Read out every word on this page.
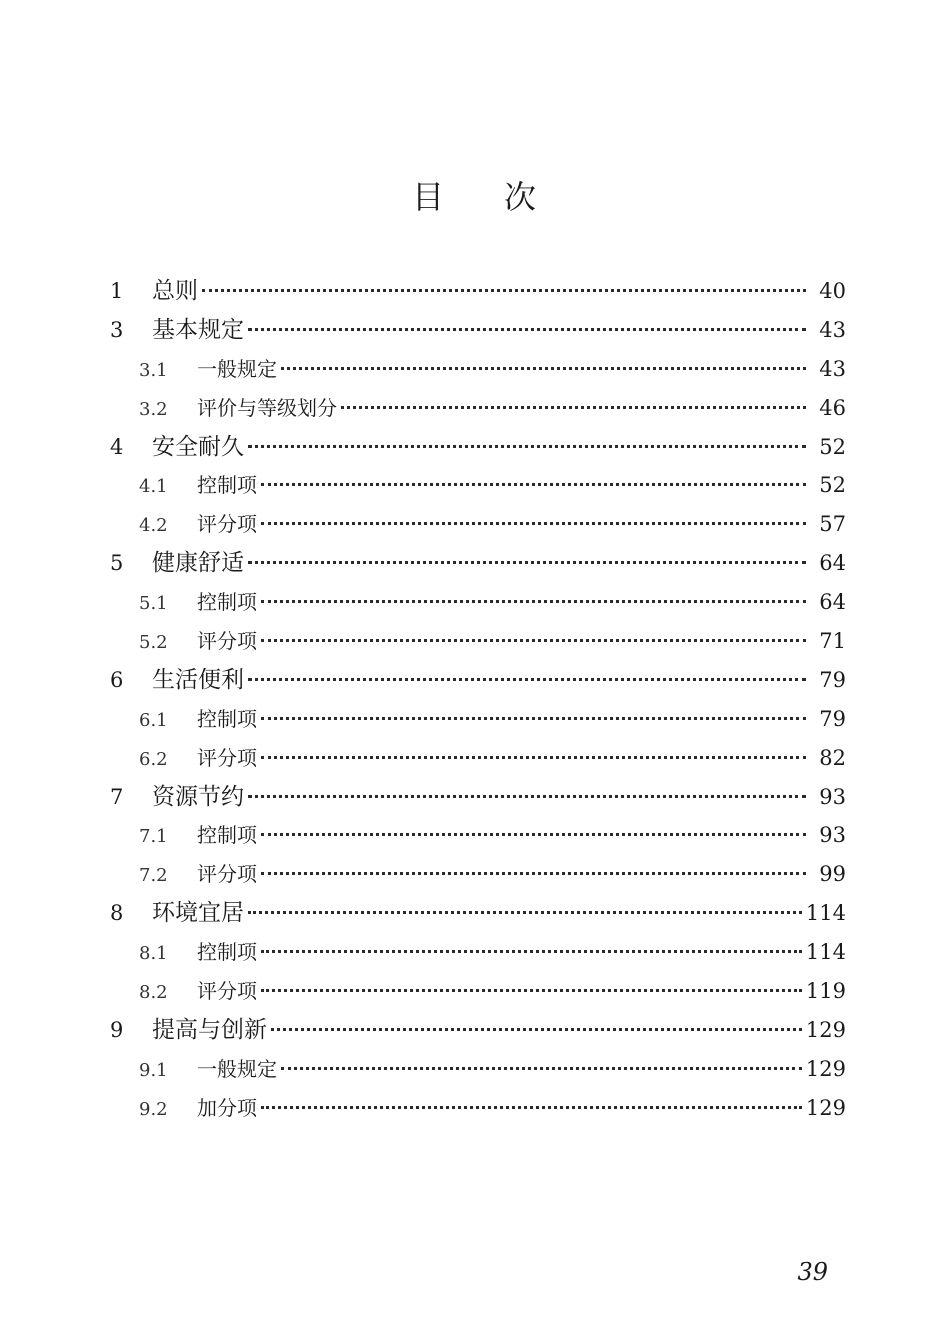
目 次
1	总则	40
3	基本规定	43
3.1	一般规定	43
3.2	评价与等级划分	46
4	安全耐久	52
4.1	控制项	52
4.2	评分项	57
5	健康舒适	64
5.1	控制项	64
5.2	评分项	71
6	生活便利	79
6.1	控制项	79
6.2	评分项	82
7	资源节约	93
7.1	控制项	93
7.2	评分项	99
8	环境宜居	114
8.1	控制项	114
8.2	评分项	119
9	提高与创新	129
9.1	一般规定	129
9.2	加分项	129
39
